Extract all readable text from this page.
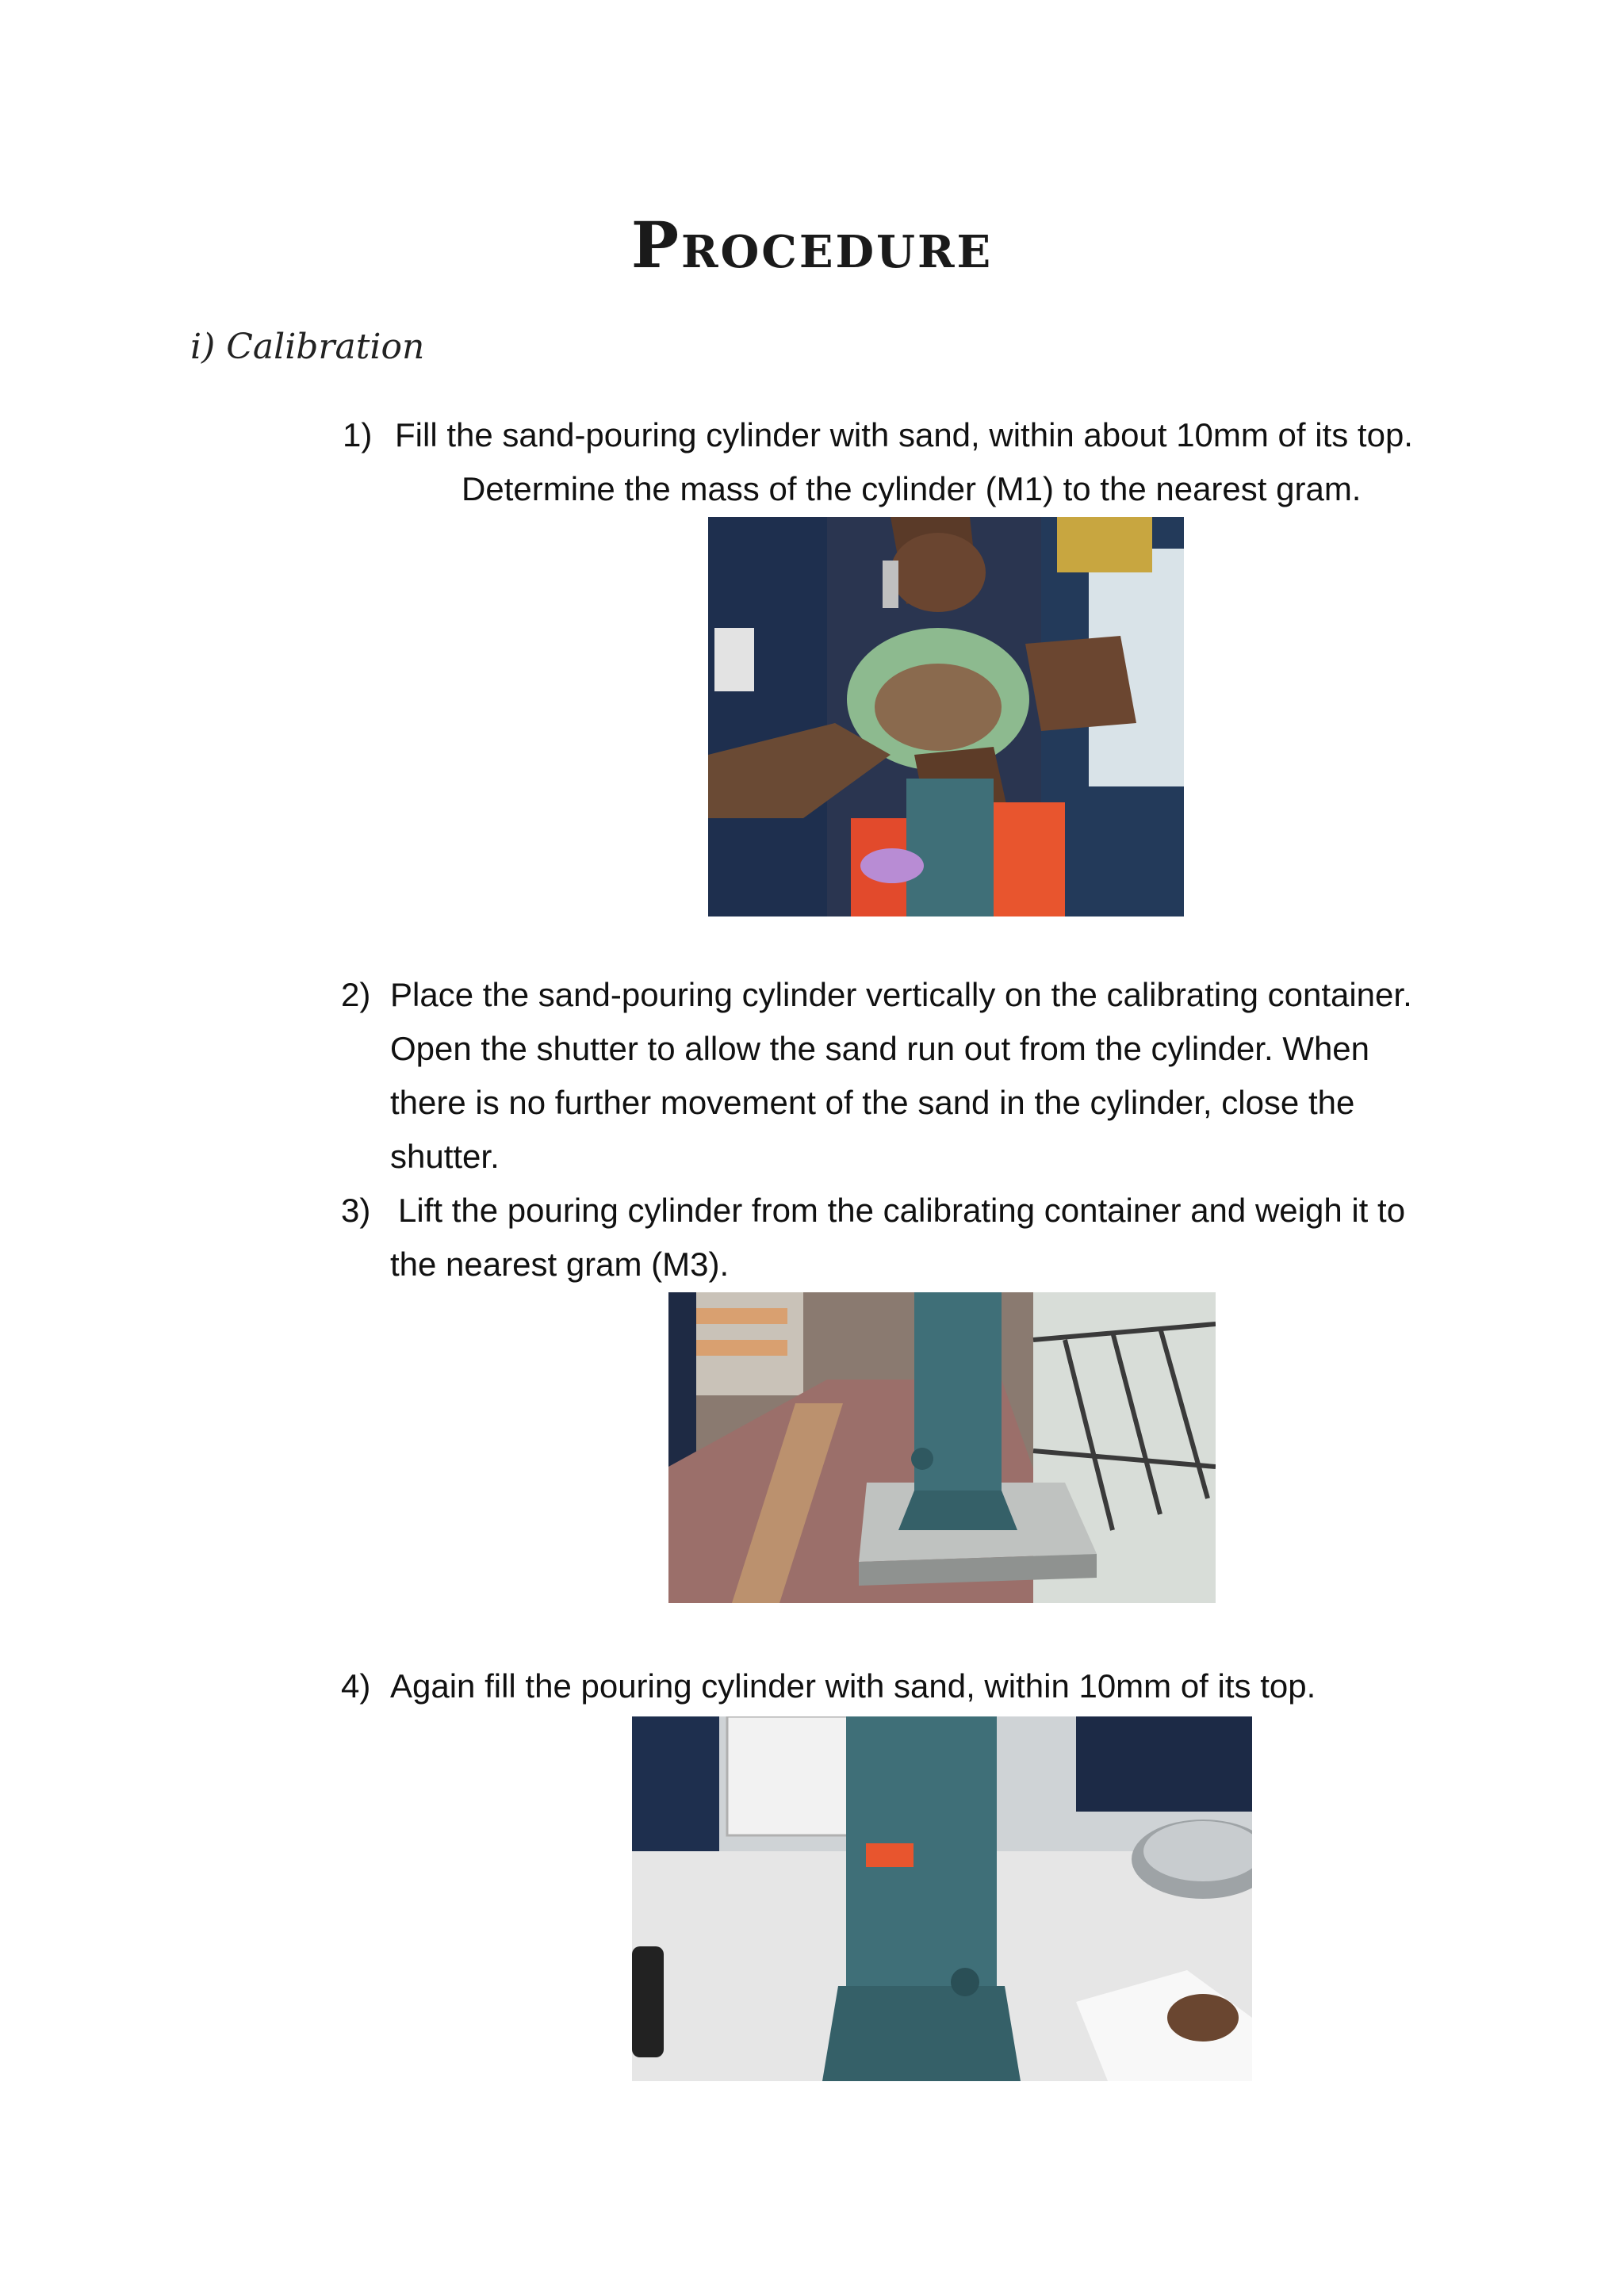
Procedure
i) Calibration
1) Fill the sand-pouring cylinder with sand, within about 10mm of its top.
Determine the mass of the cylinder (M1) to the nearest gram.
2) Place the sand-pouring cylinder vertically on the calibrating container.
Open the shutter to allow the sand run out from the cylinder. When
there is no further movement of the sand in the cylinder, close the
shutter.
3) Lift the pouring cylinder from the calibrating container and weigh it to
the nearest gram (M3).
4) Again fill the pouring cylinder with sand, within 10mm of its top.
